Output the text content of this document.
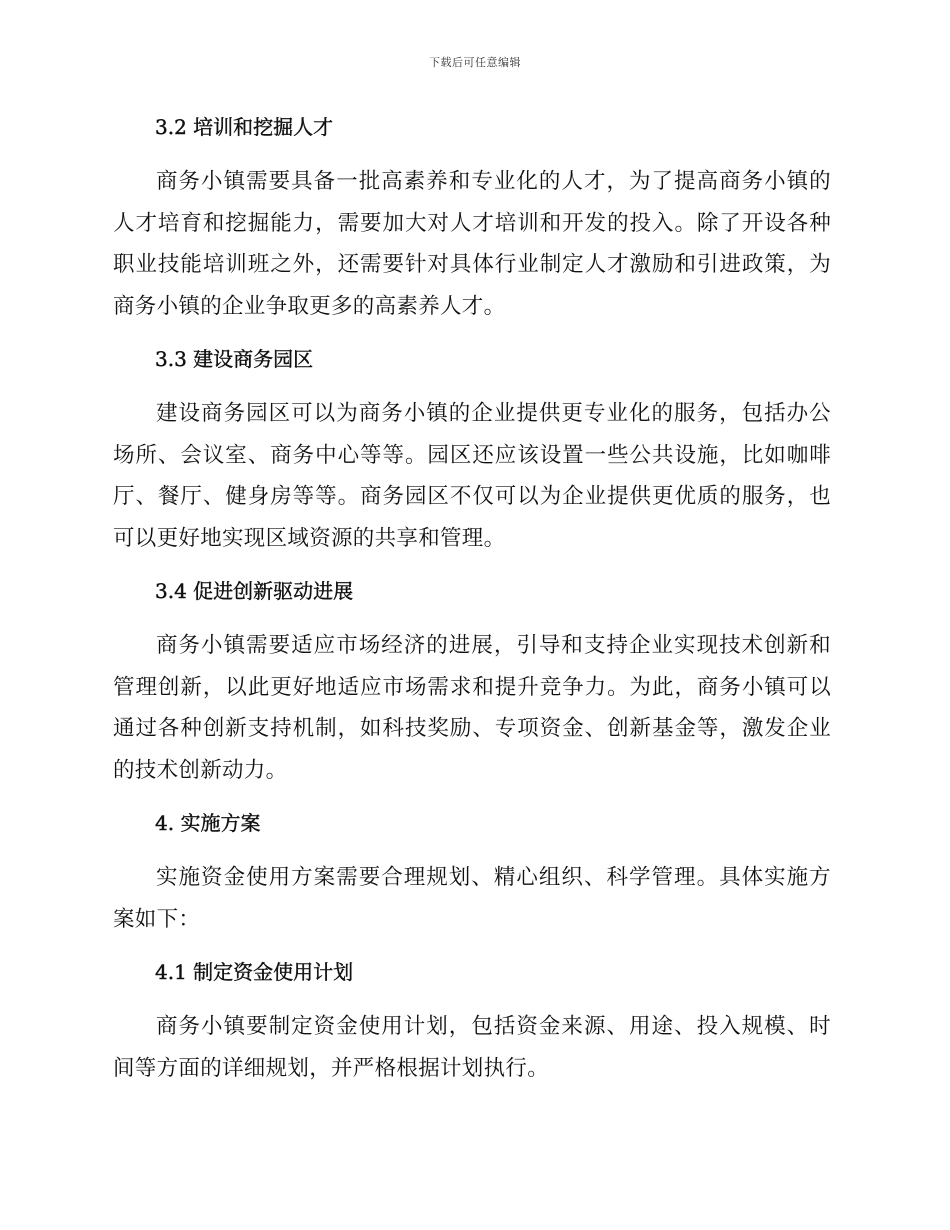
下载后可任意编辑
3.2 培训和挖掘人才

商务小镇需要具备一批高素养和专业化的人才，为了提高商务小镇的人才培育和挖掘能力，需要加大对人才培训和开发的投入。除了开设各种职业技能培训班之外，还需要针对具体行业制定人才激励和引进政策，为商务小镇的企业争取更多的高素养人才。

3.3 建设商务园区

建设商务园区可以为商务小镇的企业提供更专业化的服务，包括办公场所、会议室、商务中心等等。园区还应该设置一些公共设施，比如咖啡厅、餐厅、健身房等等。商务园区不仅可以为企业提供更优质的服务，也可以更好地实现区域资源的共享和管理。

3.4 促进创新驱动进展

商务小镇需要适应市场经济的进展，引导和支持企业实现技术创新和管理创新，以此更好地适应市场需求和提升竞争力。为此，商务小镇可以通过各种创新支持机制，如科技奖励、专项资金、创新基金等，激发企业的技术创新动力。

4. 实施方案

实施资金使用方案需要合理规划、精心组织、科学管理。具体实施方案如下：

4.1 制定资金使用计划

商务小镇要制定资金使用计划，包括资金来源、用途、投入规模、时间等方面的详细规划，并严格根据计划执行。
